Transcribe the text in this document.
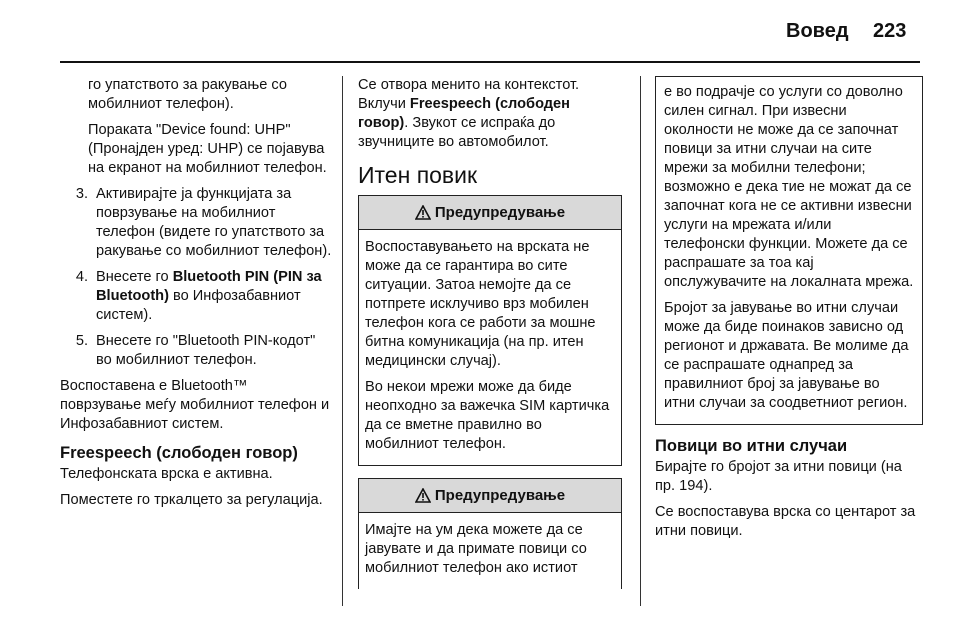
Вовед 223

го упатството за ракување со мобилниот телефон).

Пораката "Device found: UHP" (Пронајден уред: UHP) се појавува на екранот на мобилниот телефон.

3. Активирајте ја функцијата за поврзување на мобилниот телефон (видете го упатството за ракување со мобилниот телефон).
4. Внесете го Bluetooth PIN (PIN за Bluetooth) во Инфозабавниот систем).
5. Внесете го "Bluetooth PIN-кодот" во мобилниот телефон.

Воспоставена е Bluetooth™ поврзување меѓу мобилниот телефон и Инфозабавниот систем.

Freespeech (слободен говор)

Телефонската врска е активна.

Поместете го тркалцето за регулација.

Се отвора менито на контекстот.

Вклучи Freespeech (слободен говор). Звукот се испраќа до звучниците во автомобилот.

Итен повик
Предупредување

Воспоставувањето на врската не може да се гарантира во сите ситуации. Затоа немојте да се потпрете исклучиво врз мобилен телефон кога се работи за мошне битна комуникација (на пр. итен медицински случај).

Во некои мрежи може да биде неопходно за важечка SIM картичка да се вметне правилно во мобилниот телефон.

Предупредување

Имајте на ум дека можете да се јавувате и да примате повици со мобилниот телефон ако истиот

е во подрачје со услуги со доволно силен сигнал. При извесни околности не може да се започнат повици за итни случаи на сите мрежи за мобилни телефони; возможно е дека тие не можат да се започнат кога не се активни извесни услуги на мрежата и/или телефонски функции. Можете да се распрашате за тоа кај опслужувачите на локалната мрежа.

Бројот за јавување во итни случаи може да биде поинаков зависно од регионот и државата. Ве молиме да се распрашате однапред за правилниот број за јавување во итни случаи за соодветниот регион.

Повици во итни случаи

Бирајте го бројот за итни повици (на пр. 194).

Се воспоставува врска со центарот за итни повици.
